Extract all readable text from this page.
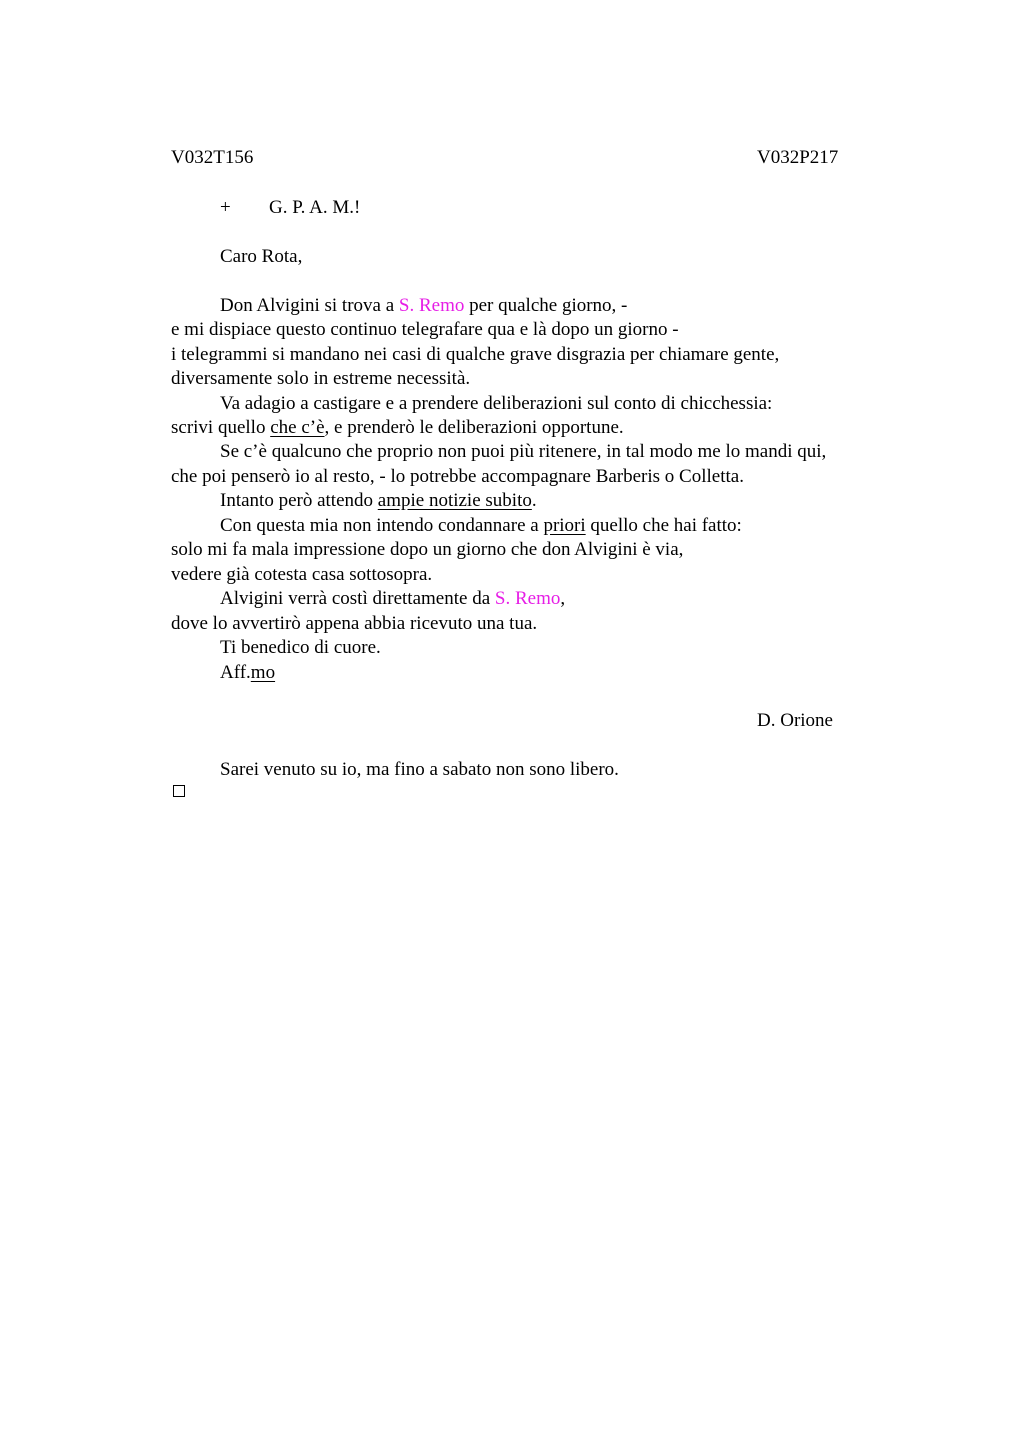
V032T156	V032P217
+ G. P. A. M.!
Caro Rota,
Don Alvigini si trova a S. Remo per qualche giorno, -
e mi dispiace questo continuo telegrafare qua e là dopo un giorno -
i telegrammi si mandano nei casi di qualche grave disgrazia per chiamare gente,
diversamente solo in estreme necessità.
Va adagio a castigare e a prendere deliberazioni sul conto di chicchessia:
scrivi quello che c’è, e prenderò le deliberazioni opportune.
Se c’è qualcuno che proprio non puoi più ritenere, in tal modo me lo mandi qui,
che poi penserò io al resto, - lo potrebbe accompagnare Barberis o Colletta.
Intanto però attendo ampie notizie subito.
Con questa mia non intendo condannare a priori quello che hai fatto:
solo mi fa mala impressione dopo un giorno che don Alvigini è via,
vedere già cotesta casa sottosopra.
Alvigini verrà costì direttamente da S. Remo,
dove lo avvertirò appena abbia ricevuto una tua.
Ti benedico di cuore.
Aff.mo
D. Orione
Sarei venuto su io, ma fino a sabato non sono libero.
